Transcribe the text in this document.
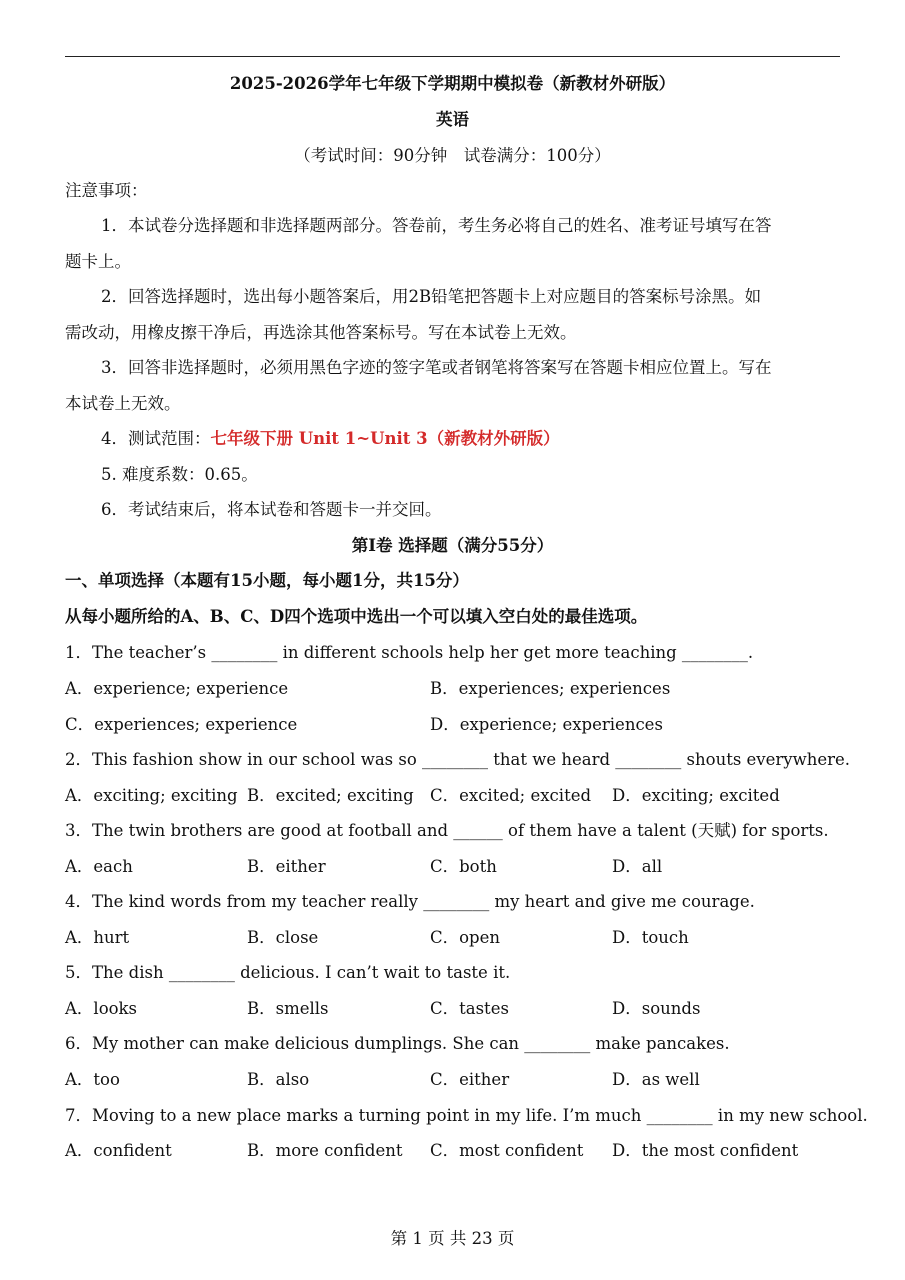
2025-2026学年七年级下学期期中模拟卷（新教材外研版）
英语
（考试时间：90分钟　试卷满分：100分）
注意事项：
1．本试卷分选择题和非选择题两部分。答卷前，考生务必将自己的姓名、准考证号填写在答
题卡上。
2．回答选择题时，选出每小题答案后，用2B铅笔把答题卡上对应题目的答案标号涂黑。如
需改动，用橡皮擦干净后，再选涂其他答案标号。写在本试卷上无效。
3．回答非选择题时，必须用黑色字迹的签字笔或者钢笔将答案写在答题卡相应位置上。写在
本试卷上无效。
4．测试范围：七年级下册 Unit 1~Unit 3（新教材外研版）
5. 难度系数：0.65。
6．考试结束后，将本试卷和答题卡一并交回。
第Ⅰ卷 选择题（满分55分）
一、单项选择（本题有15小题，每小题1分，共15分）
从每小题所给的A、B、C、D四个选项中选出一个可以填入空白处的最佳选项。
1．The teacher’s ________ in different schools help her get more teaching ________.
A．experience; experience	B．experiences; experiences
C．experiences; experience	D．experience; experiences
2．This fashion show in our school was so ________ that we heard ________ shouts everywhere.
A．exciting; exciting B．excited; exciting C．excited; excited D．exciting; excited
3．The twin brothers are good at football and ______ of them have a talent (天赋) for sports.
A．each	B．either	C．both	D．all
4．The kind words from my teacher really ________ my heart and give me courage.
A．hurt	B．close	C．open	D．touch
5．The dish ________ delicious. I can’t wait to taste it.
A．looks	B．smells	C．tastes	D．sounds
6．My mother can make delicious dumplings. She can ________ make pancakes.
A．too	B．also	C．either	D．as well
7．Moving to a new place marks a turning point in my life. I’m much ________ in my new school.
A．confident	B．more confident C．most confident D．the most confident
第 1 页 共 23 页
